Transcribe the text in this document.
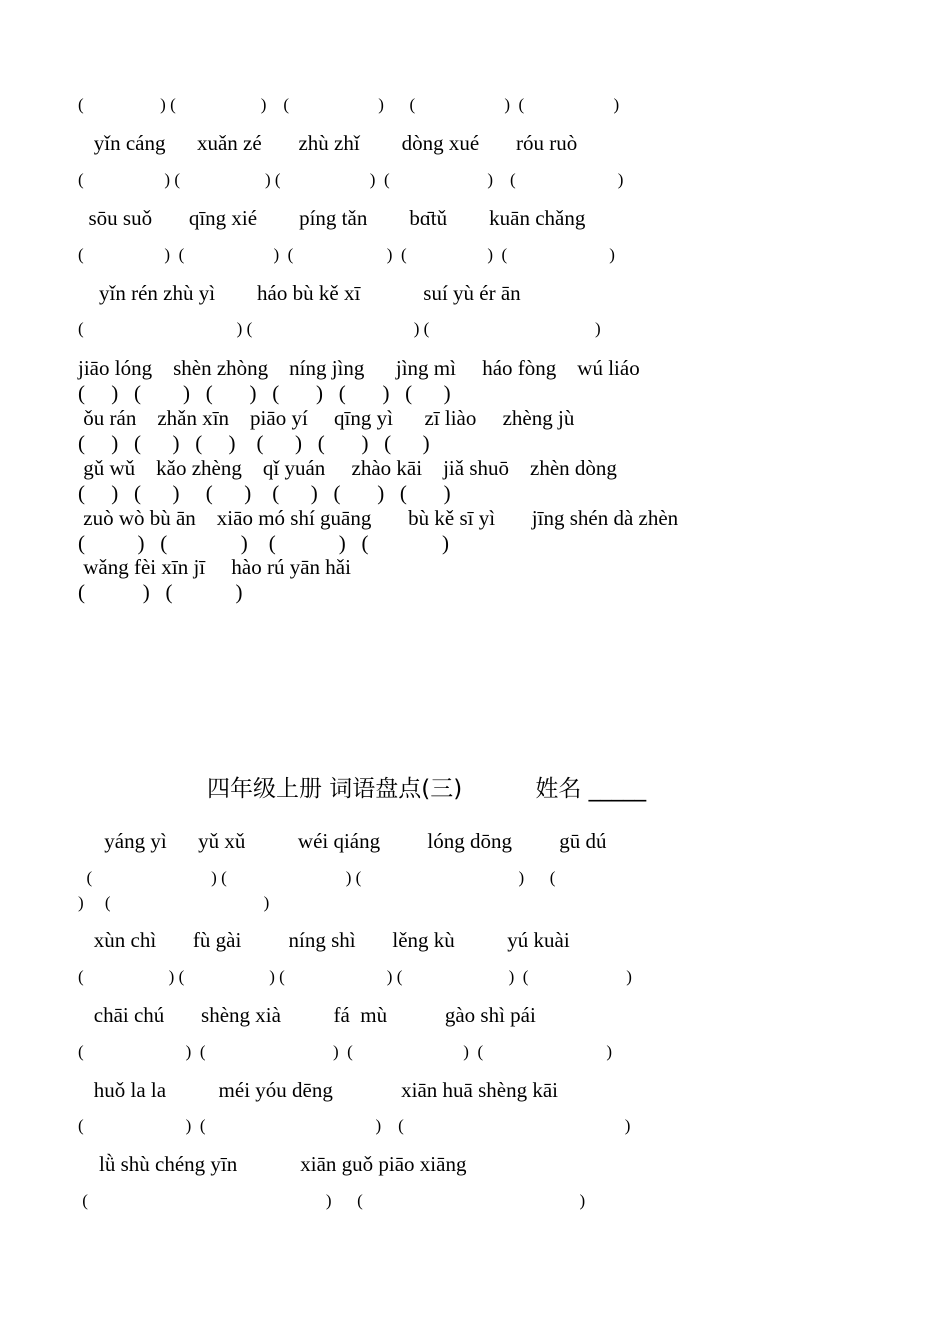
(                  ) (                    )    (                     )      (                     )  (                     )
yǐn cáng      xuǎn zé       zhù zhǐ        dòng xué       róu ruò
(                   ) (                    ) (                     )  (                       )    (                        )
sōu suǒ       qīng xié        píng tǎn        bɑ̄tǔ        kuān chǎng
(                   )  (                     )  (                      )  (                   )  (                        )
yǐn rén zhù yì        háo bù kě xī            suí yù ér ān
(                                    ) (                                      ) (                                       )
jiāo lóng    shèn zhòng    níng jìng      jìng mì     háo fòng    wú liáo
(     )   (        )   (       )   (       )   (       )   (      )
ǒu rán    zhǎn xīn    piāo yí     qīng yì      zī liào     zhèng jù
(     )   (      )   (     )    (      )   (       )   (      )
gǔ wǔ    kǎo zhèng    qǐ yuán     zhào kāi    jiǎ shuō    zhèn dòng
(     )   (      )     (      )    (      )   (       )   (       )
zuò wò bù ān    xiāo mó shí guāng       bù kě sī yì       jīng shén dà zhèn
(          )   (              )    (            )   (              )
wǎng fèi xīn jī     hào rú yān hǎi
(           )   (            )
四年级上册 词语盘点(三)          姓名 _____
yáng yì      yǔ xǔ          wéi qiáng         lóng dōng         gū dú
(                            ) (                            ) (                                     )      (
)     (                                    )
xùn chì       fù gài         níng shì       lěng kù          yú kuài
(                    ) (                    ) (                        ) (                         )  (                       )
chāi chú       shèng xià          fá  mù           gào shì pái
(                        )  (                              )  (                          )  (                             )
huǒ la la          méi yóu dēng             xiān huā shèng kāi
(                        )  (                                        )    (                                                    )
lǜ shù chéng yīn            xiān guǒ piāo xiāng
(                                                        )      (                                                   )
